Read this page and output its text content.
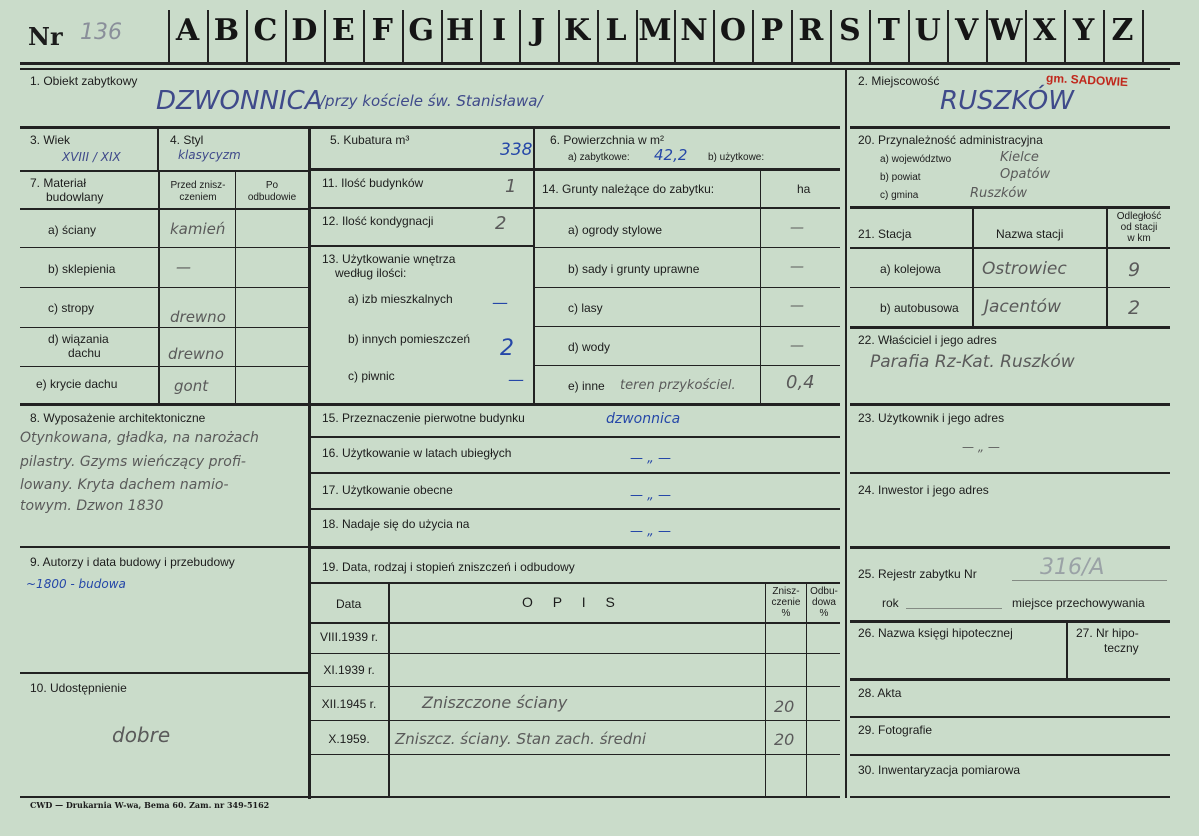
Nr 136 A B C D E F G H I J K L M N O P R S T U V W X Y Z
1. Obiekt zabytkowy
DZWONNICA
/przy kościele św. Stanisława/
2. Miejscowość
RUSZKÓW
gm. SADOWIE
3. Wiek
XVIII / XIX
4. Styl
klasycyzm
5. Kubatura m³	338 6. Powierzchnia w m²
a) zabytkowe: 42,2 b) użytkowe:
20. Przynależność administracyjna
a) województwo	Kielce
b) powiat	Opatów
c) gmina	Ruszków
7. Materiał
budowlany
Przed znisz-
czeniem
Po
odbudowie
a) ściany	kamień
b) sklepienia	—
c) stropy	drewno
d) wiązania
dachu	drewno
e) krycie dachu	gont
11. Ilość budynków	1
12. Ilość kondygnacji	2
13. Użytkowanie wnętrza
według ilości:
a) izb mieszkalnych —
b) innych pomieszczeń 2
c) piwnic	—
14. Grunty należące do zabytku:	ha
a) ogrody stylowe	—
b) sady i grunty uprawne	—
c) lasy	—
d) wody	—
e) inne teren przykościel.	0,4
21. Stacja	Nazwa stacji
Odległość
od stacji
w km
a) kolejowa Ostrowiec	9
b) autobusowa Jacentów	2
22. Właściciel i jego adres
Parafia Rz-Kat. Ruszków
8. Wyposażenie architektoniczne
Otynkowana, gładka, na narożach
pilastry. Gzyms wieńczący profi-
lowany. Kryta dachem namio-
towym. Dzwon 1830
15. Przeznaczenie pierwotne budynku	dzwonnica
16. Użytkowanie w latach ubiegłych	— „ —
17. Użytkowanie obecne	— „ —
18. Nadaje się do użycia na	— „ —
23. Użytkownik i jego adres
— „ —
24. Inwestor i jego adres
9. Autorzy i data budowy i przebudowy
~1800 - budowa
10. Udostępnienie
dobre
19. Data, rodzaj i stopień zniszczeń i odbudowy
Data	O P I S
Znisz-
czenie
%
Odbu-
dowa
%
VIII.1939 r.
XI.1939 r.
XII.1945 r.	Zniszczone ściany	20
X.1959.	Zniszcz. ściany. Stan zach. średni	20
25. Rejestr zabytku Nr	316/A
rok	miejsce przechowywania
26. Nazwa księgi hipotecznej	27. Nr hipo-
teczny
28. Akta
29. Fotografie
30. Inwentaryzacja pomiarowa
CWD — Drukarnia W-wa, Bema 60. Zam. nr 349-5162
